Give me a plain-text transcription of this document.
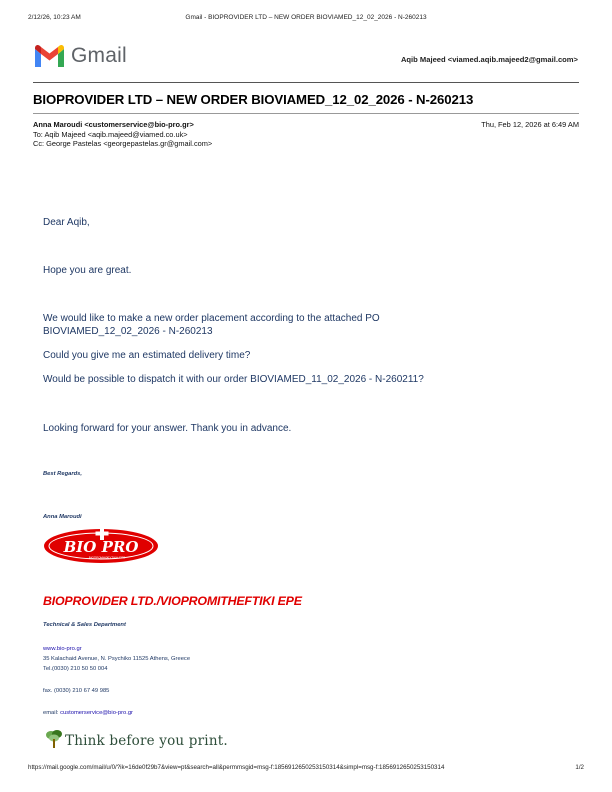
2/12/26, 10:23 AM	Gmail - BIOPROVIDER LTD – NEW ORDER BIOVIAMED_12_02_2026 - N-260213
Gmail	Aqib Majeed <viamed.aqib.majeed2@gmail.com>
BIOPROVIDER LTD – NEW ORDER BIOVIAMED_12_02_2026 - N-260213
Anna Maroudi <customerservice@bio-pro.gr>	Thu, Feb 12, 2026 at 6:49 AM
To: Aqib Majeed <aqib.majeed@viamed.co.uk>
Cc: George Pastelas <georgepastelas.gr@gmail.com>

Dear Aqib,

Hope you are great.

We would like to make a new order placement according to the attached PO

BIOVIAMED_12_02_2026 - N-260213

Could you give me an estimated delivery time?

Would be possible to dispatch it with our order BIOVIAMED_11_02_2026 - N-260211?

Looking forward for your answer. Thank you in advance.

Best Regards,
Anna Maroudi
BIO PRO
ΒΙΟΠΡΟΜΗΘΕΥΤΙΚΗ ΕΠΕ
BIOPROVIDER LTD./VIOPROMITHEFTIKI EPE
Technical & Sales Department
www.bio-pro.gr
35 Kalachaid Avenue, N. Psychiko 11525 Athens, Greece
Tel.(0030) 210 50 50 004
fax. (0030) 210 67 49 985
email: customerservice@bio-pro.gr
Think before you print.
https://mail.google.com/mail/u/0/?ik=16de0f29b7&view=pt&search=all&permmsgid=msg-f:1856912650253150314&simpl=msg-f:1856912650253150314	1/2
